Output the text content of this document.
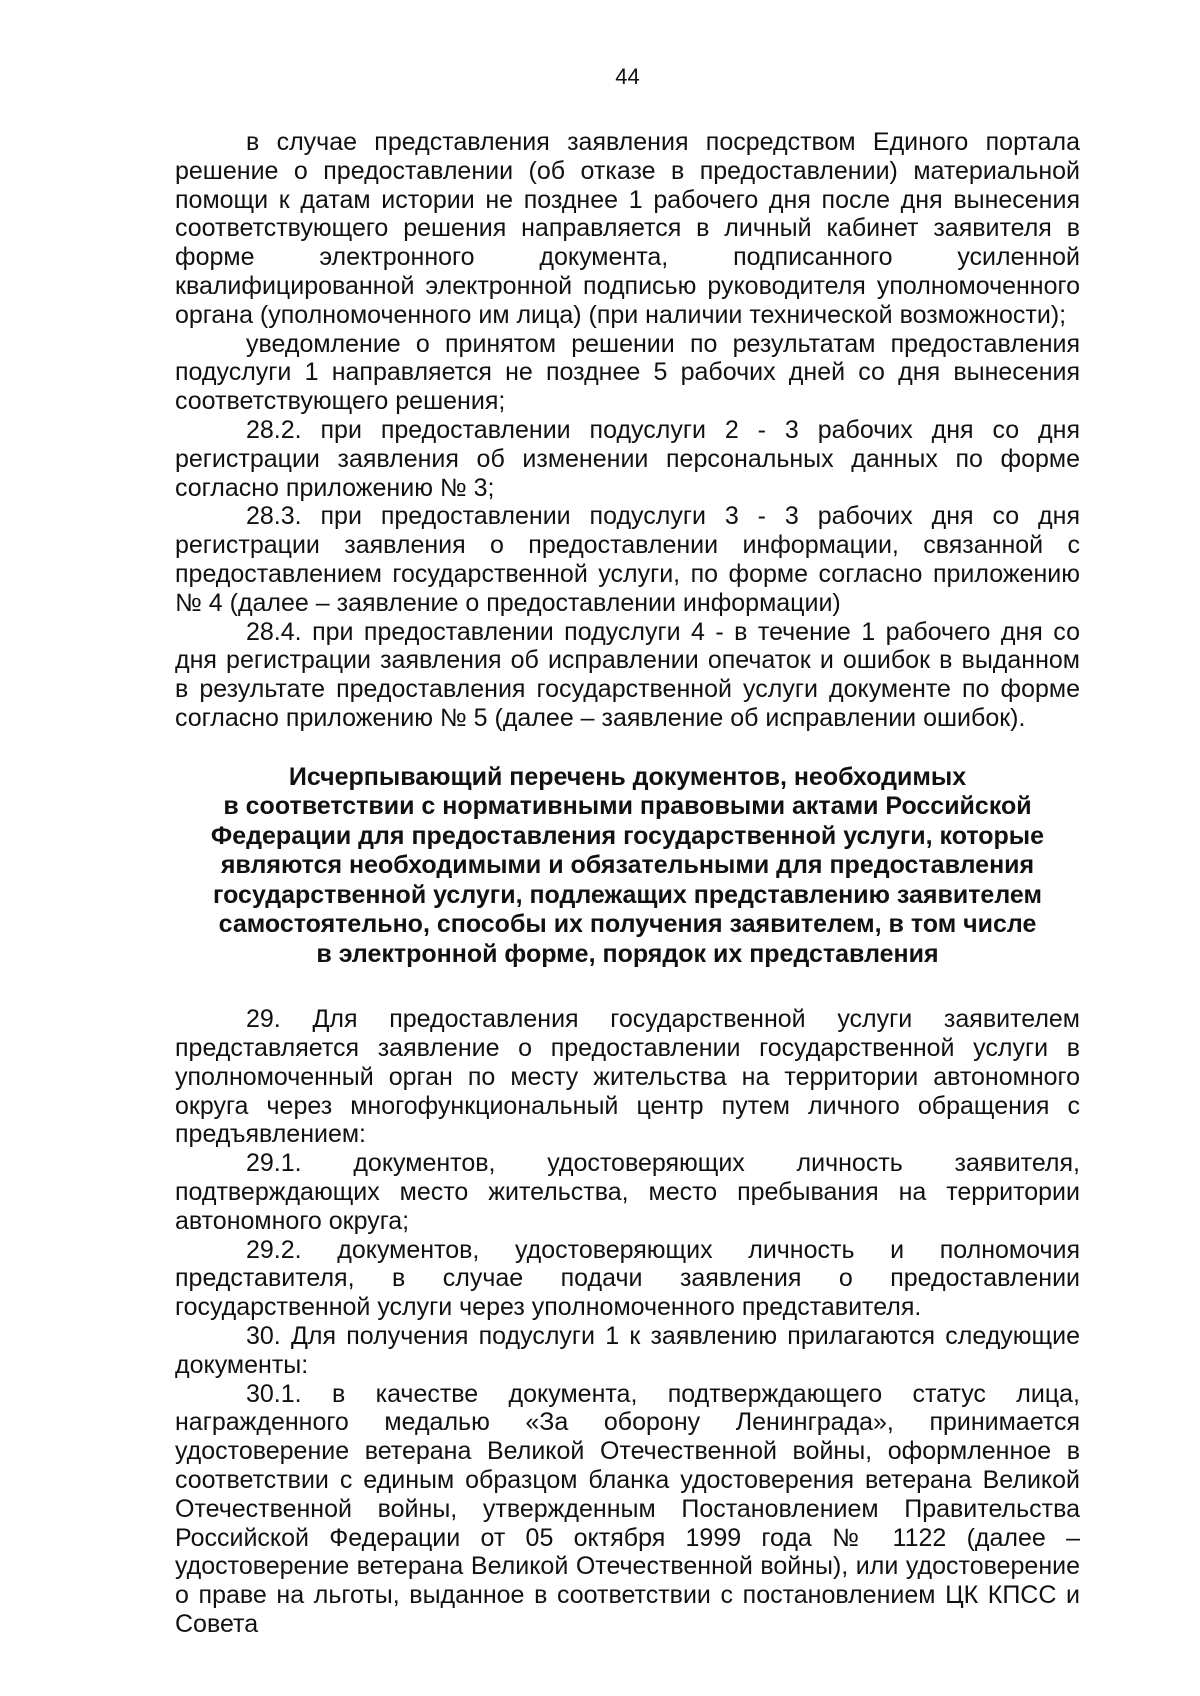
44

в случае представления заявления посредством Единого портала решение о предоставлении (об отказе в предоставлении) материальной помощи к датам истории не позднее 1 рабочего дня после дня вынесения соответствующего решения направляется в личный кабинет заявителя в форме электронного документа, подписанного усиленной квалифицированной электронной подписью руководителя уполномоченного органа (уполномоченного им лица) (при наличии технической возможности);

уведомление о принятом решении по результатам предоставления подуслуги 1 направляется не позднее 5 рабочих дней со дня вынесения соответствующего решения;

28.2. при предоставлении подуслуги 2 - 3 рабочих дня со дня регистрации заявления об изменении персональных данных по форме согласно приложению № 3;

28.3. при предоставлении подуслуги 3 - 3 рабочих дня со дня регистрации заявления о предоставлении информации, связанной с предоставлением государственной услуги, по форме согласно приложению № 4 (далее – заявление о предоставлении информации)

28.4. при предоставлении подуслуги 4 - в течение 1 рабочего дня со дня регистрации заявления об исправлении опечаток и ошибок в выданном в результате предоставления государственной услуги документе по форме согласно приложению № 5 (далее – заявление об исправлении ошибок).

Исчерпывающий перечень документов, необходимых
в соответствии с нормативными правовыми актами Российской
Федерации для предоставления государственной услуги, которые
являются необходимыми и обязательными для предоставления
государственной услуги, подлежащих представлению заявителем
самостоятельно, способы их получения заявителем, в том числе
в электронной форме, порядок их представления

29. Для предоставления государственной услуги заявителем представляется заявление о предоставлении государственной услуги в уполномоченный орган по месту жительства на территории автономного округа через многофункциональный центр путем личного обращения с предъявлением:

29.1. документов, удостоверяющих личность заявителя, подтверждающих место жительства, место пребывания на территории автономного округа;

29.2. документов, удостоверяющих личность и полномочия представителя, в случае подачи заявления о предоставлении государственной услуги через уполномоченного представителя.

30. Для получения подуслуги 1 к заявлению прилагаются следующие документы:

30.1. в качестве документа, подтверждающего статус лица, награжденного медалью «За оборону Ленинграда», принимается удостоверение ветерана Великой Отечественной войны, оформленное в соответствии с единым образцом бланка удостоверения ветерана Великой Отечественной войны, утвержденным Постановлением Правительства Российской Федерации от 05 октября 1999 года № 1122 (далее – удостоверение ветерана Великой Отечественной войны), или удостоверение о праве на льготы, выданное в соответствии с постановлением ЦК КПСС и Совета
